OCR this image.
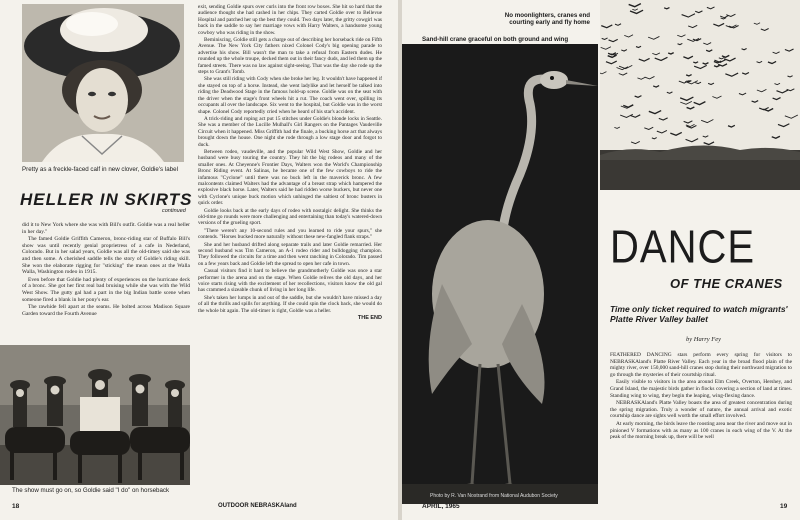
Pretty as a freckle-faced calf in new clover, Goldie's label
HELLER IN SKIRTS
continued

did it to New York where she was with Bill's outfit. Goldie was a real heller in her day."

The famed Goldie Griffith Cameron, bronc-riding star of Buffalo Bill's show was until recently genial proprietress of a cafe in Nederland, Colorado. But in her salad years, Goldie was all the old-timey said she was and then some. A cherished saddle tells the story of Goldie's riding skill. She won the elaborate rigging for "sticking" the mean ones at the Walla Walla, Washington rodeo in 1915.

Even before that Goldie had plenty of experiences on the hurricane deck of a bronc. She got her first real bad bruising while she was with the Wild West Show. The gutty gal had a part in the big Indian battle scene when someone fired a blank in her pony's ear.

The rawhide fell apart at the seams. He bolted across Madison Square Garden toward the Fourth Avenue

The show must go on, so Goldie said "I do" on horseback

exit, sending Goldie spurs over curls into the front row boxes. She hit so hard that the audience thought she had cashed in her chips. They carted Goldie over to Bellevue Hospital and patched her up the best they could. Two days later, the gritty cowgirl was back in the saddle to say her marriage vows with Harry Walters, a handsome young cowboy who was riding in the show.

Beminiscing, Goldie still gets a charge out of describing her horseback ride on Fifth Avenue. The New York City fathers nixed Colonel Cody's big opening parade to advertise his show. Bill wasn't the man to take a refusal from Eastern dudes. He rounded up the whole troupe, decked them out in their fancy duds, and led them up the famed streets. There was no law against sight-seeing. That was the day she rode up the steps to Grant's Tomb.

She was still riding with Cody when she broke her leg. It wouldn't have happened if she stayed on top of a horse. Instead, she went ladylike and let herself be talked into riding the Deadwood Stage in the famous hold-up scene. Goldie was on the seat with the driver when the stage's front wheels hit a rut. The coach went over, spilling its occupants all over the landscape. Six went to the hospital, but Goldie was in the worst shape. Colonel Cody reportedly cried when he heard of his star's accident.

A trick-riding and roping act put 15 stitches under Goldie's blonde locks in Seattle. She was a member of the Lucille Mulhall's Girl Rangers on the Pantages Vaudeville Circuit when it happened. Miss Griffith had the finale, a bucking horse act that always brought down the house. One night she rode through a low stage door and forgot to duck.

Between rodeo, vaudeville, and the popular Wild West Show, Goldie and her husband were busy touring the country. They hit the big rodeos and many of the smaller ones. At Cheyenne's Frontier Days, Walters won the World's Championship Bronc Riding event. At Salinas, he became one of the few cowboys to ride the infamous "Cyclone" until there was no buck left in the maverick bronc. A few malcontents claimed Walters had the advantage of a breast strap which hampered the explosive black horse. Later, Walters said he had ridden worse buckers, but never one with Cyclone's unique buck motion which unhinged the saltiest of bronc busters in quick order.

Goldie looks back at the early days of rodeo with nostalgic delight. She thinks the old-time go rounds were more challenging and entertaining than today's watered-down versions of the grueling sport.

"There weren't any 10-second rules and you learned to ride your spurs," she contends. "Horses bucked more naturally without these new-fangled flank straps."

She and her husband drifted along separate trails and later Goldie remarried. Her second husband was Tim Cameron, an A-1 rodeo rider and bulldogging champion. They followed the circuits for a time and then went ranching in Colorado. Tim passed on a few years back and Goldie left the spread to open her cafe in town.

Casual visitors find it hard to believe the grandmotherly Goldie was once a star performer in the arena and on the stage. When Goldie relives the old days, and her voice starts rising with the excitement of her recollections, visitors know the old gal has crammed a sizeable chunk of living in her long life.

She's taken her lumps in and out of the saddle, but she wouldn't have missed a day of all the thrills and spills for anything. If she could spin the clock back, she would do the whole bit again. The old-timer is right, Goldie was a heller.

THE END
18	OUTDOOR NEBRASKAland
No moonlighters, cranes end courting early and fly home
Sand-hill crane graceful on both ground and wing
Photo by R. Van Nostrand from National Audubon Society
DANCE
OF THE CRANES
Time only ticket required to watch migrants' Platte River Valley ballet
by Harry Fey

FEATHERED DANCING stars perform every spring for visitors to NEBRASKAland's Platte River Valley. Each year in the broad flood plain of the mighty river, over 150,000 sand-hill cranes stop during their northward migration to go through the mysteries of their courtship ritual.

Easily visible to visitors in the area around Elm Creek, Overton, Hershey, and Grand Island, the majestic birds gather in flocks covering a section of land at times. Standing wing to wing, they begin the leaping, wing-flexing dance.

NEBRASKAland's Platte Valley boasts the area of greatest concentration during the spring migration. Truly a wonder of nature, the annual arrival and exotic courtship dance are sights well worth the small effort involved.

At early morning, the birds leave the roosting area near the river and move out in pinioned V formations with as many as 100 cranes in each wing of the V. At the peak of the morning break up, there will be well

APRIL, 1965	19
